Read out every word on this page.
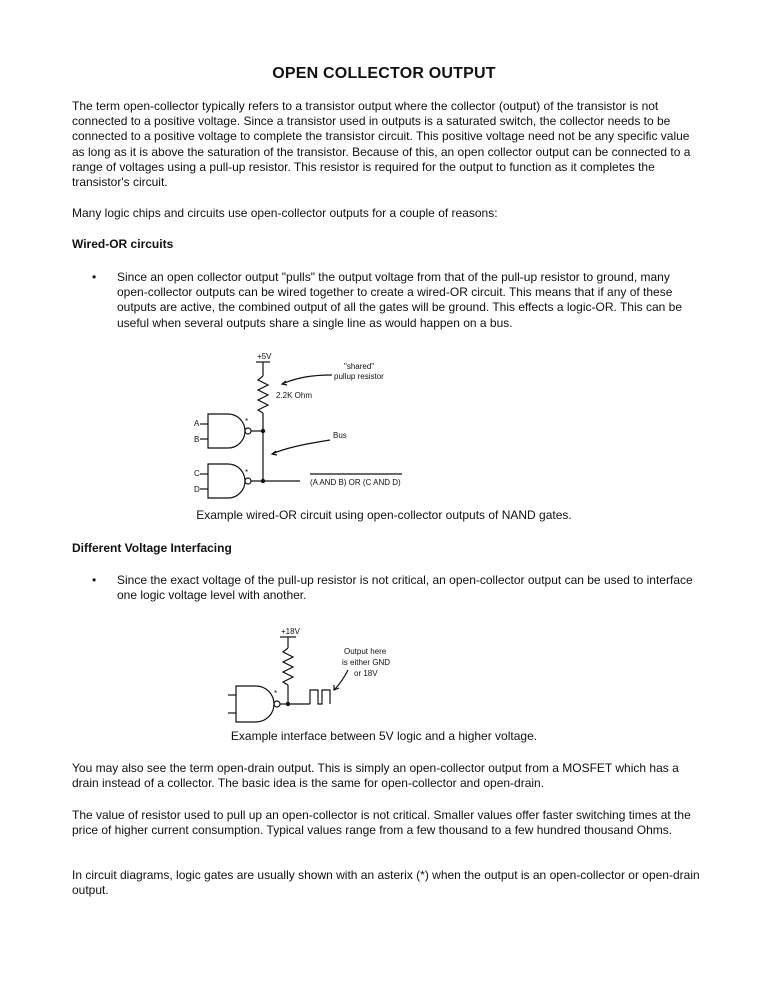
OPEN COLLECTOR OUTPUT

The term open-collector typically refers to a transistor output where the collector (output) of the transistor is not connected to a positive voltage. Since a transistor used in outputs is a saturated switch, the collector needs to be connected to a positive voltage to complete the transistor circuit. This positive voltage need not be any specific value as long as it is above the saturation of the transistor. Because of this, an open collector output can be connected to a range of voltages using a pull-up resistor. This resistor is required for the output to function as it completes the transistor's circuit.

Many logic chips and circuits use open-collector outputs for a couple of reasons:

Wired-OR circuits

• Since an open collector output "pulls" the output voltage from that of the pull-up resistor to ground, many open-collector outputs can be wired together to create a wired-OR circuit. This means that if any of these outputs are active, the combined output of all the gates will be ground. This effects a logic-OR. This can be useful when several outputs share a single line as would happen on a bus.

+5V
"shared"
pullup resistor
2.2K Ohm
Bus
A
B
C
D
*
*
(A AND B) OR (C AND D)
Example wired-OR circuit using open-collector outputs of NAND gates.

Different Voltage Interfacing

• Since the exact voltage of the pull-up resistor is not critical, an open-collector output can be used to interface one logic voltage level with another.

+18V
Output here
is either GND
or 18V
*
Example interface between 5V logic and a higher voltage.

You may also see the term open-drain output. This is simply an open-collector output from a MOSFET which has a drain instead of a collector. The basic idea is the same for open-collector and open-drain.

The value of resistor used to pull up an open-collector is not critical. Smaller values offer faster switching times at the price of higher current consumption. Typical values range from a few thousand to a few hundred thousand Ohms.

In circuit diagrams, logic gates are usually shown with an asterix (*) when the output is an open-collector or open-drain output.
